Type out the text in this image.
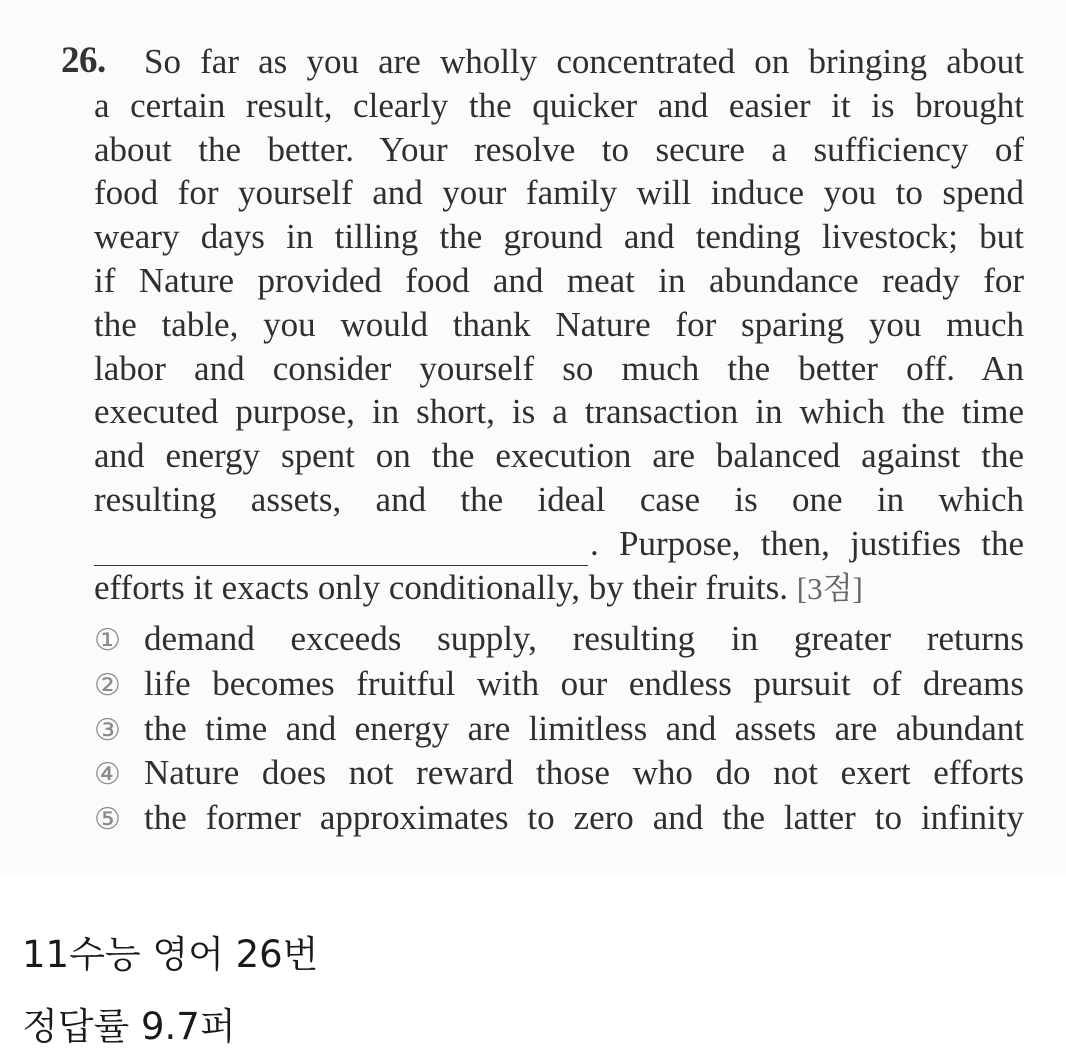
26.	So far as you are wholly concentrated on bringing about
a certain result, clearly the quicker and easier it is brought
about the better. Your resolve to secure a sufficiency of
food for yourself and your family will induce you to spend
weary days in tilling the ground and tending livestock; but
if Nature provided food and meat in abundance ready for
the table, you would thank Nature for sparing you much
labor and consider yourself so much the better off. An
executed purpose, in short, is a transaction in which the time
and energy spent on the execution are balanced against the
resulting assets, and the ideal case is one in which
. Purpose, then, justifies the
efforts it exacts only conditionally, by their fruits. [3점]
① demand exceeds supply, resulting in greater returns
② life becomes fruitful with our endless pursuit of dreams
③ the time and energy are limitless and assets are abundant
④ Nature does not reward those who do not exert efforts
⑤ the former approximates to zero and the latter to infinity
11수능 영어 26번
정답률 9.7퍼
